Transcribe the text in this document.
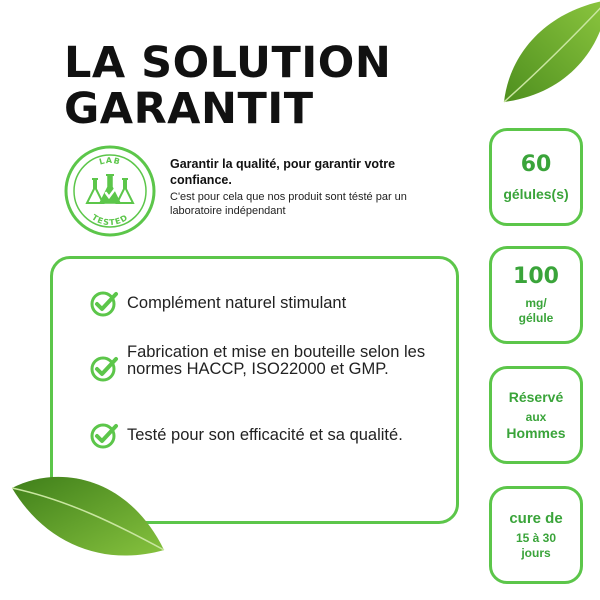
LA SOLUTION
GARANTIT
LAB
TESTED
Garantir la qualité, pour garantir votre confiance.
C'est pour cela que nos produit sont tésté par un laboratoire indépendant
Complément naturel stimulant
Fabrication et mise en bouteille selon les normes HACCP, ISO22000 et GMP.
Testé pour son efficacité et sa qualité.
60
gélules(s)
100
mg/
gélule
Réservé
aux
Hommes
cure de
15 à 30
jours
